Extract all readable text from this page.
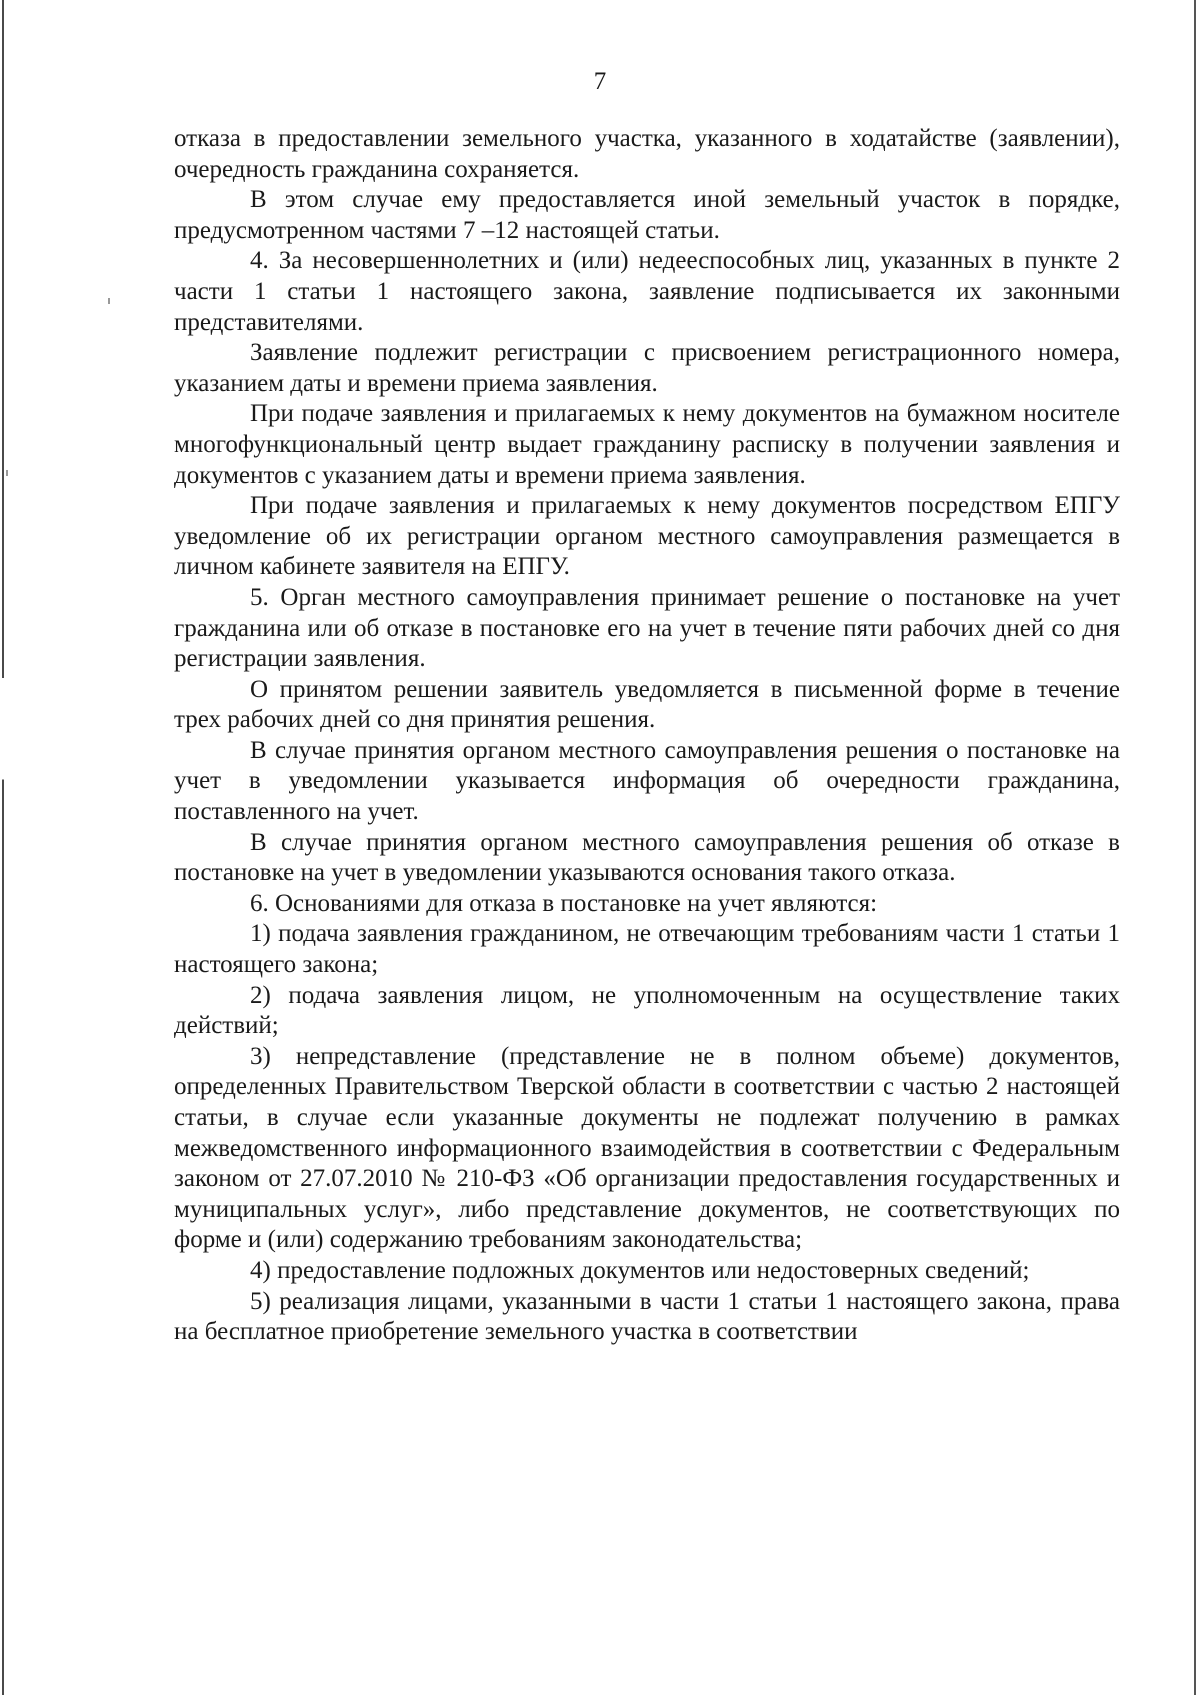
7

отказа в предоставлении земельного участка, указанного в ходатайстве (заявлении), очередность гражданина сохраняется.

В этом случае ему предоставляется иной земельный участок в порядке, предусмотренном частями 7 –12 настоящей статьи.

4. За несовершеннолетних и (или) недееспособных лиц, указанных в пункте 2 части 1 статьи 1 настоящего закона, заявление подписывается их законными представителями.

Заявление подлежит регистрации с присвоением регистрационного номера, указанием даты и времени приема заявления.

При подаче заявления и прилагаемых к нему документов на бумажном носителе многофункциональный центр выдает гражданину расписку в получении заявления и документов с указанием даты и времени приема заявления.

При подаче заявления и прилагаемых к нему документов посредством ЕПГУ уведомление об их регистрации органом местного самоуправления размещается в личном кабинете заявителя на ЕПГУ.

5. Орган местного самоуправления принимает решение о постановке на учет гражданина или об отказе в постановке его на учет в течение пяти рабочих дней со дня регистрации заявления.

О принятом решении заявитель уведомляется в письменной форме в течение трех рабочих дней со дня принятия решения.

В случае принятия органом местного самоуправления решения о постановке на учет в уведомлении указывается информация об очередности гражданина, поставленного на учет.

В случае принятия органом местного самоуправления решения об отказе в постановке на учет в уведомлении указываются основания такого отказа.

6. Основаниями для отказа в постановке на учет являются:

1) подача заявления гражданином, не отвечающим требованиям части 1 статьи 1 настоящего закона;

2) подача заявления лицом, не уполномоченным на осуществление таких действий;

3) непредставление (представление не в полном объеме) документов, определенных Правительством Тверской области в соответствии с частью 2 настоящей статьи, в случае если указанные документы не подлежат получению в рамках межведомственного информационного взаимодействия в соответствии с Федеральным законом от 27.07.2010 № 210-ФЗ «Об организации предоставления государственных и муниципальных услуг», либо представление документов, не соответствующих по форме и (или) содержанию требованиям законодательства;

4) предоставление подложных документов или недостоверных сведений;

5) реализация лицами, указанными в части 1 статьи 1 настоящего закона, права на бесплатное приобретение земельного участка в соответствии
